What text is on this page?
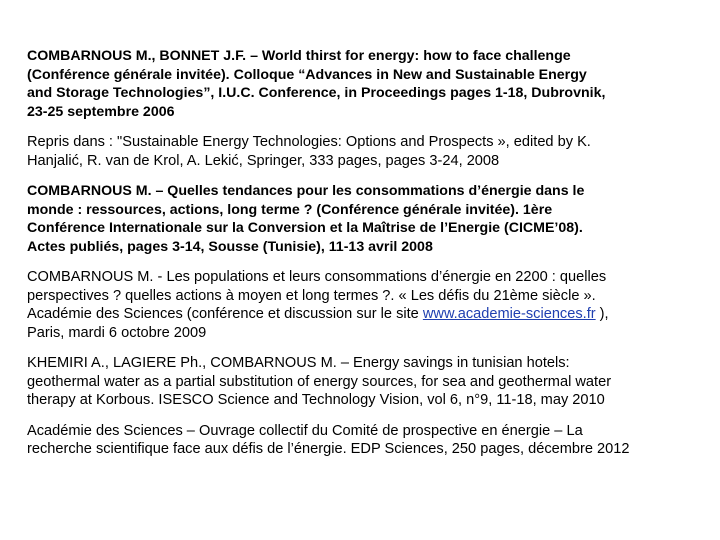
COMBARNOUS M., BONNET J.F. – World thirst for energy: how to face challenge
(Conférence générale invitée). Colloque “Advances in New and Sustainable Energy
and Storage Technologies”, I.U.C. Conference, in Proceedings pages 1-18, Dubrovnik,
23-25 septembre 2006
Repris dans : "Sustainable Energy Technologies: Options and Prospects », edited by K.
Hanjalić, R. van de Krol, A. Lekić, Springer, 333 pages, pages 3-24, 2008
COMBARNOUS M. – Quelles tendances pour les consommations d’énergie dans le
monde : ressources, actions, long terme ? (Conférence générale invitée). 1ère
Conférence Internationale sur la Conversion et la Maîtrise de l’Energie (CICME’08).
Actes publiés, pages 3-14, Sousse (Tunisie), 11-13 avril 2008
COMBARNOUS M. - Les populations et leurs consommations d’énergie en 2200 : quelles
perspectives ? quelles actions à moyen et long termes ?. « Les défis du 21ème siècle ».
Académie des Sciences (conférence et discussion sur le site www.academie-sciences.fr ),
Paris, mardi 6 octobre 2009
KHEMIRI A., LAGIERE Ph., COMBARNOUS M. – Energy savings in tunisian hotels:
geothermal water as a partial substitution of energy sources, for sea and geothermal water
therapy at Korbous. ISESCO Science and Technology Vision, vol 6, n°9, 11-18, may 2010
Académie des Sciences – Ouvrage collectif du Comité de prospective en énergie – La
recherche scientifique face aux défis de l’énergie. EDP Sciences, 250 pages, décembre 2012
